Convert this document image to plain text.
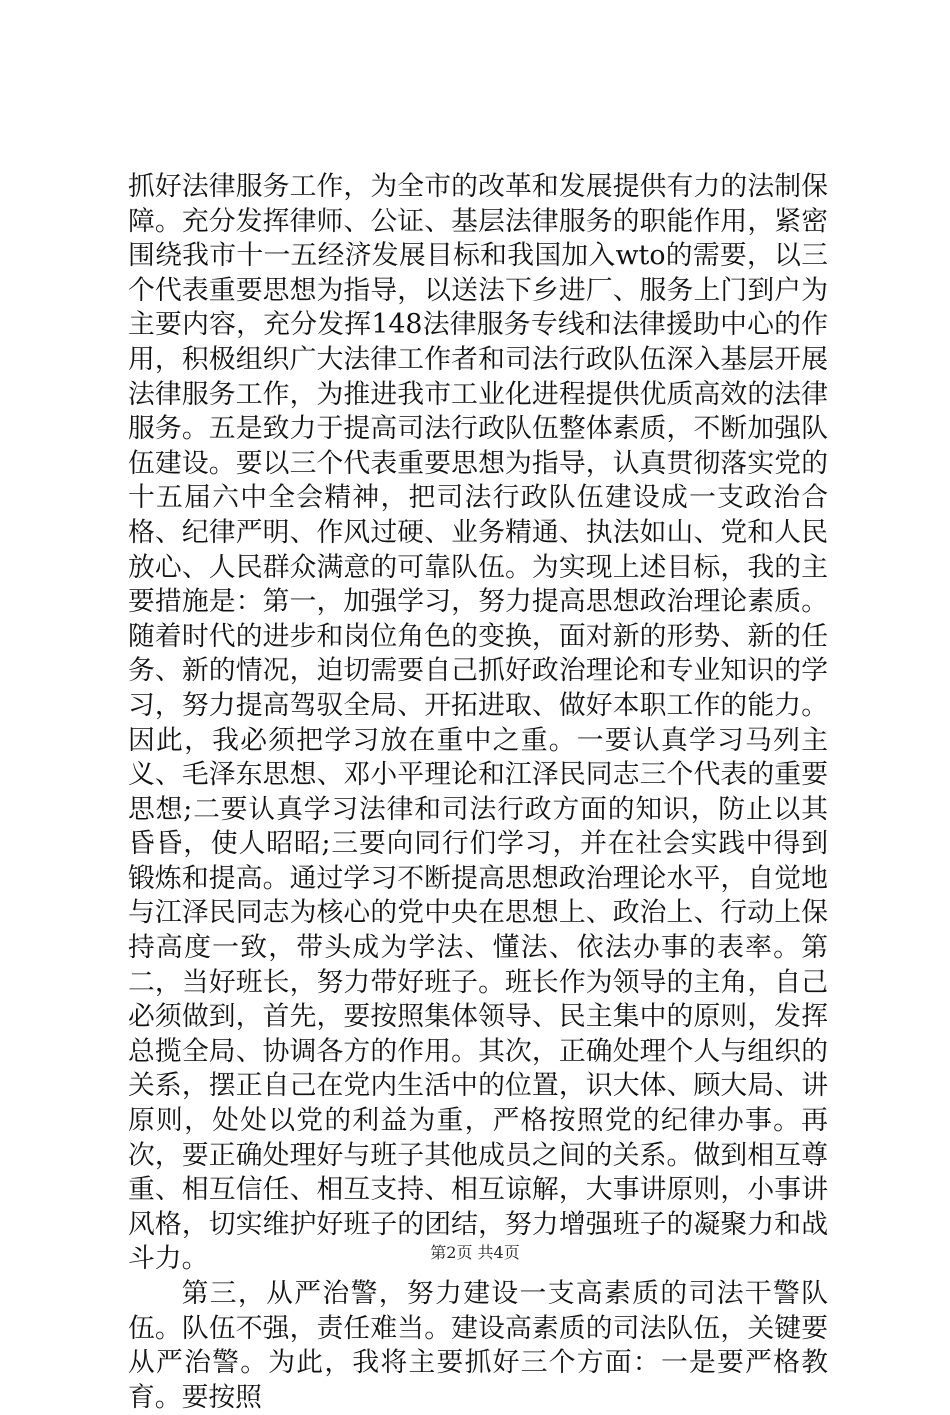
抓好法律服务工作，为全市的改革和发展提供有力的法制保障。充分发挥律师、公证、基层法律服务的职能作用，紧密围绕我市十一五经济发展目标和我国加入wto的需要，以三个代表重要思想为指导，以送法下乡进厂、服务上门到户为主要内容，充分发挥148法律服务专线和法律援助中心的作用，积极组织广大法律工作者和司法行政队伍深入基层开展法律服务工作，为推进我市工业化进程提供优质高效的法律服务。五是致力于提高司法行政队伍整体素质，不断加强队伍建设。要以三个代表重要思想为指导，认真贯彻落实党的十五届六中全会精神，把司法行政队伍建设成一支政治合格、纪律严明、作风过硬、业务精通、执法如山、党和人民放心、人民群众满意的可靠队伍。为实现上述目标，我的主要措施是：第一，加强学习，努力提高思想政治理论素质。随着时代的进步和岗位角色的变换，面对新的形势、新的任务、新的情况，迫切需要自己抓好政治理论和专业知识的学习，努力提高驾驭全局、开拓进取、做好本职工作的能力。因此，我必须把学习放在重中之重。一要认真学习马列主义、毛泽东思想、邓小平理论和江泽民同志三个代表的重要思想;二要认真学习法律和司法行政方面的知识，防止以其昏昏，使人昭昭;三要向同行们学习，并在社会实践中得到锻炼和提高。通过学习不断提高思想政治理论水平，自觉地与江泽民同志为核心的党中央在思想上、政治上、行动上保持高度一致，带头成为学法、懂法、依法办事的表率。第二，当好班长，努力带好班子。班长作为领导的主角，自己必须做到，首先，要按照集体领导、民主集中的原则，发挥总揽全局、协调各方的作用。其次，正确处理个人与组织的关系，摆正自己在党内生活中的位置，识大体、顾大局、讲原则，处处以党的利益为重，严格按照党的纪律办事。再次，要正确处理好与班子其他成员之间的关系。做到相互尊重、相互信任、相互支持、相互谅解，大事讲原则，小事讲风格，切实维护好班子的团结，努力增强班子的凝聚力和战斗力。

第三，从严治警，努力建设一支高素质的司法干警队伍。队伍不强，责任难当。建设高素质的司法队伍，关键要从严治警。为此，我将主要抓好三个方面：一是要严格教育。要按照

第2页 共4页
